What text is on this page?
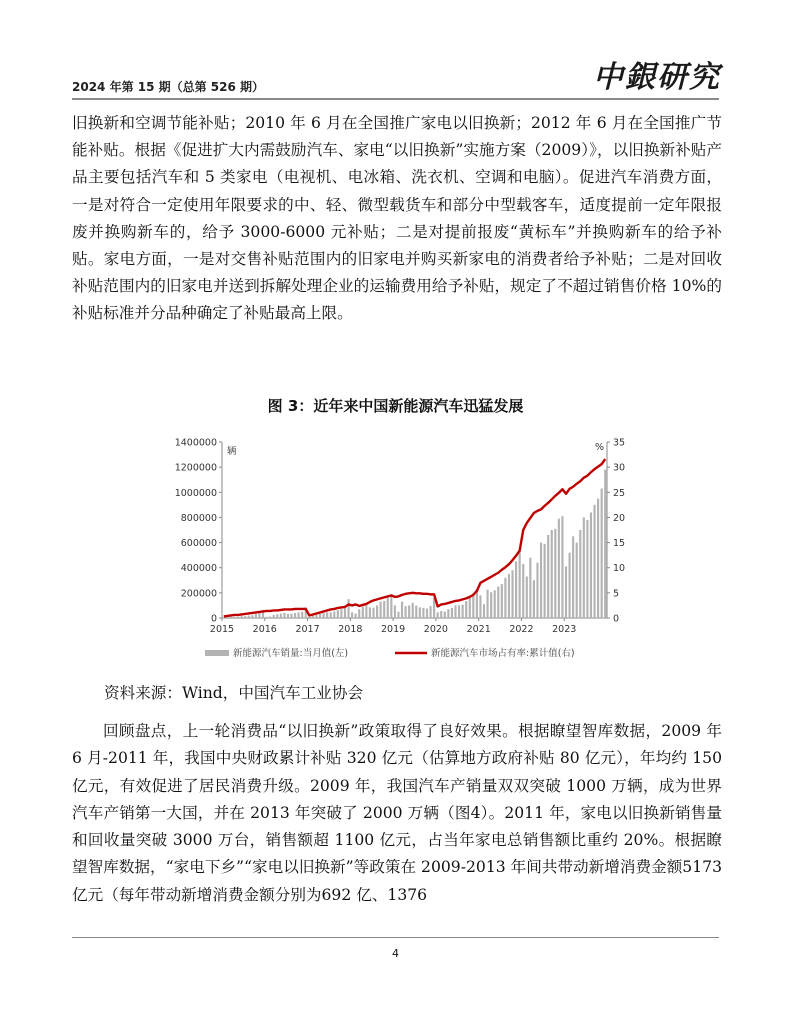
2024 年第 15 期（总第 526 期）	中銀研究

旧换新和空调节能补贴；2010 年 6 月在全国推广家电以旧换新；2012 年 6 月在全国推广节能补贴。根据《促进扩大内需鼓励汽车、家电“以旧换新”实施方案（2009）》，以旧换新补贴产品主要包括汽车和 5 类家电（电视机、电冰箱、洗衣机、空调和电脑）。促进汽车消费方面，一是对符合一定使用年限要求的中、轻、微型载货车和部分中型载客车，适度提前一定年限报废并换购新车的，给予 3000-6000 元补贴；二是对提前报废“黄标车”并换购新车的给予补贴。家电方面，一是对交售补贴范围内的旧家电并购买新家电的消费者给予补贴；二是对回收补贴范围内的旧家电并送到拆解处理企业的运输费用给予补贴，规定了不超过销售价格 10%的补贴标准并分品种确定了补贴最高上限。

图 3：近年来中国新能源汽车迅猛发展
0
200000
400000
600000
800000
1000000
1200000
1400000
0
5
10
15
20
25
30
35
辆	%
2015 2016 2017 2018 2019 2020 2021 2022 2023
新能源汽车销量:当月值(左)	新能源汽车市场占有率:累计值(右)
资料来源：Wind，中国汽车工业协会

回顾盘点，上一轮消费品“以旧换新”政策取得了良好效果。根据瞭望智库数据，2009 年 6 月-2011 年，我国中央财政累计补贴 320 亿元（估算地方政府补贴 80 亿元），年均约 150 亿元，有效促进了居民消费升级。2009 年，我国汽车产销量双双突破 1000 万辆，成为世界汽车产销第一大国，并在 2013 年突破了 2000 万辆（图4）。2011 年，家电以旧换新销售量和回收量突破 3000 万台，销售额超 1100 亿元，占当年家电总销售额比重约 20%。根据瞭望智库数据，“家电下乡”“家电以旧换新”等政策在 2009-2013 年间共带动新增消费金额5173 亿元（每年带动新增消费金额分别为692 亿、1376

4
